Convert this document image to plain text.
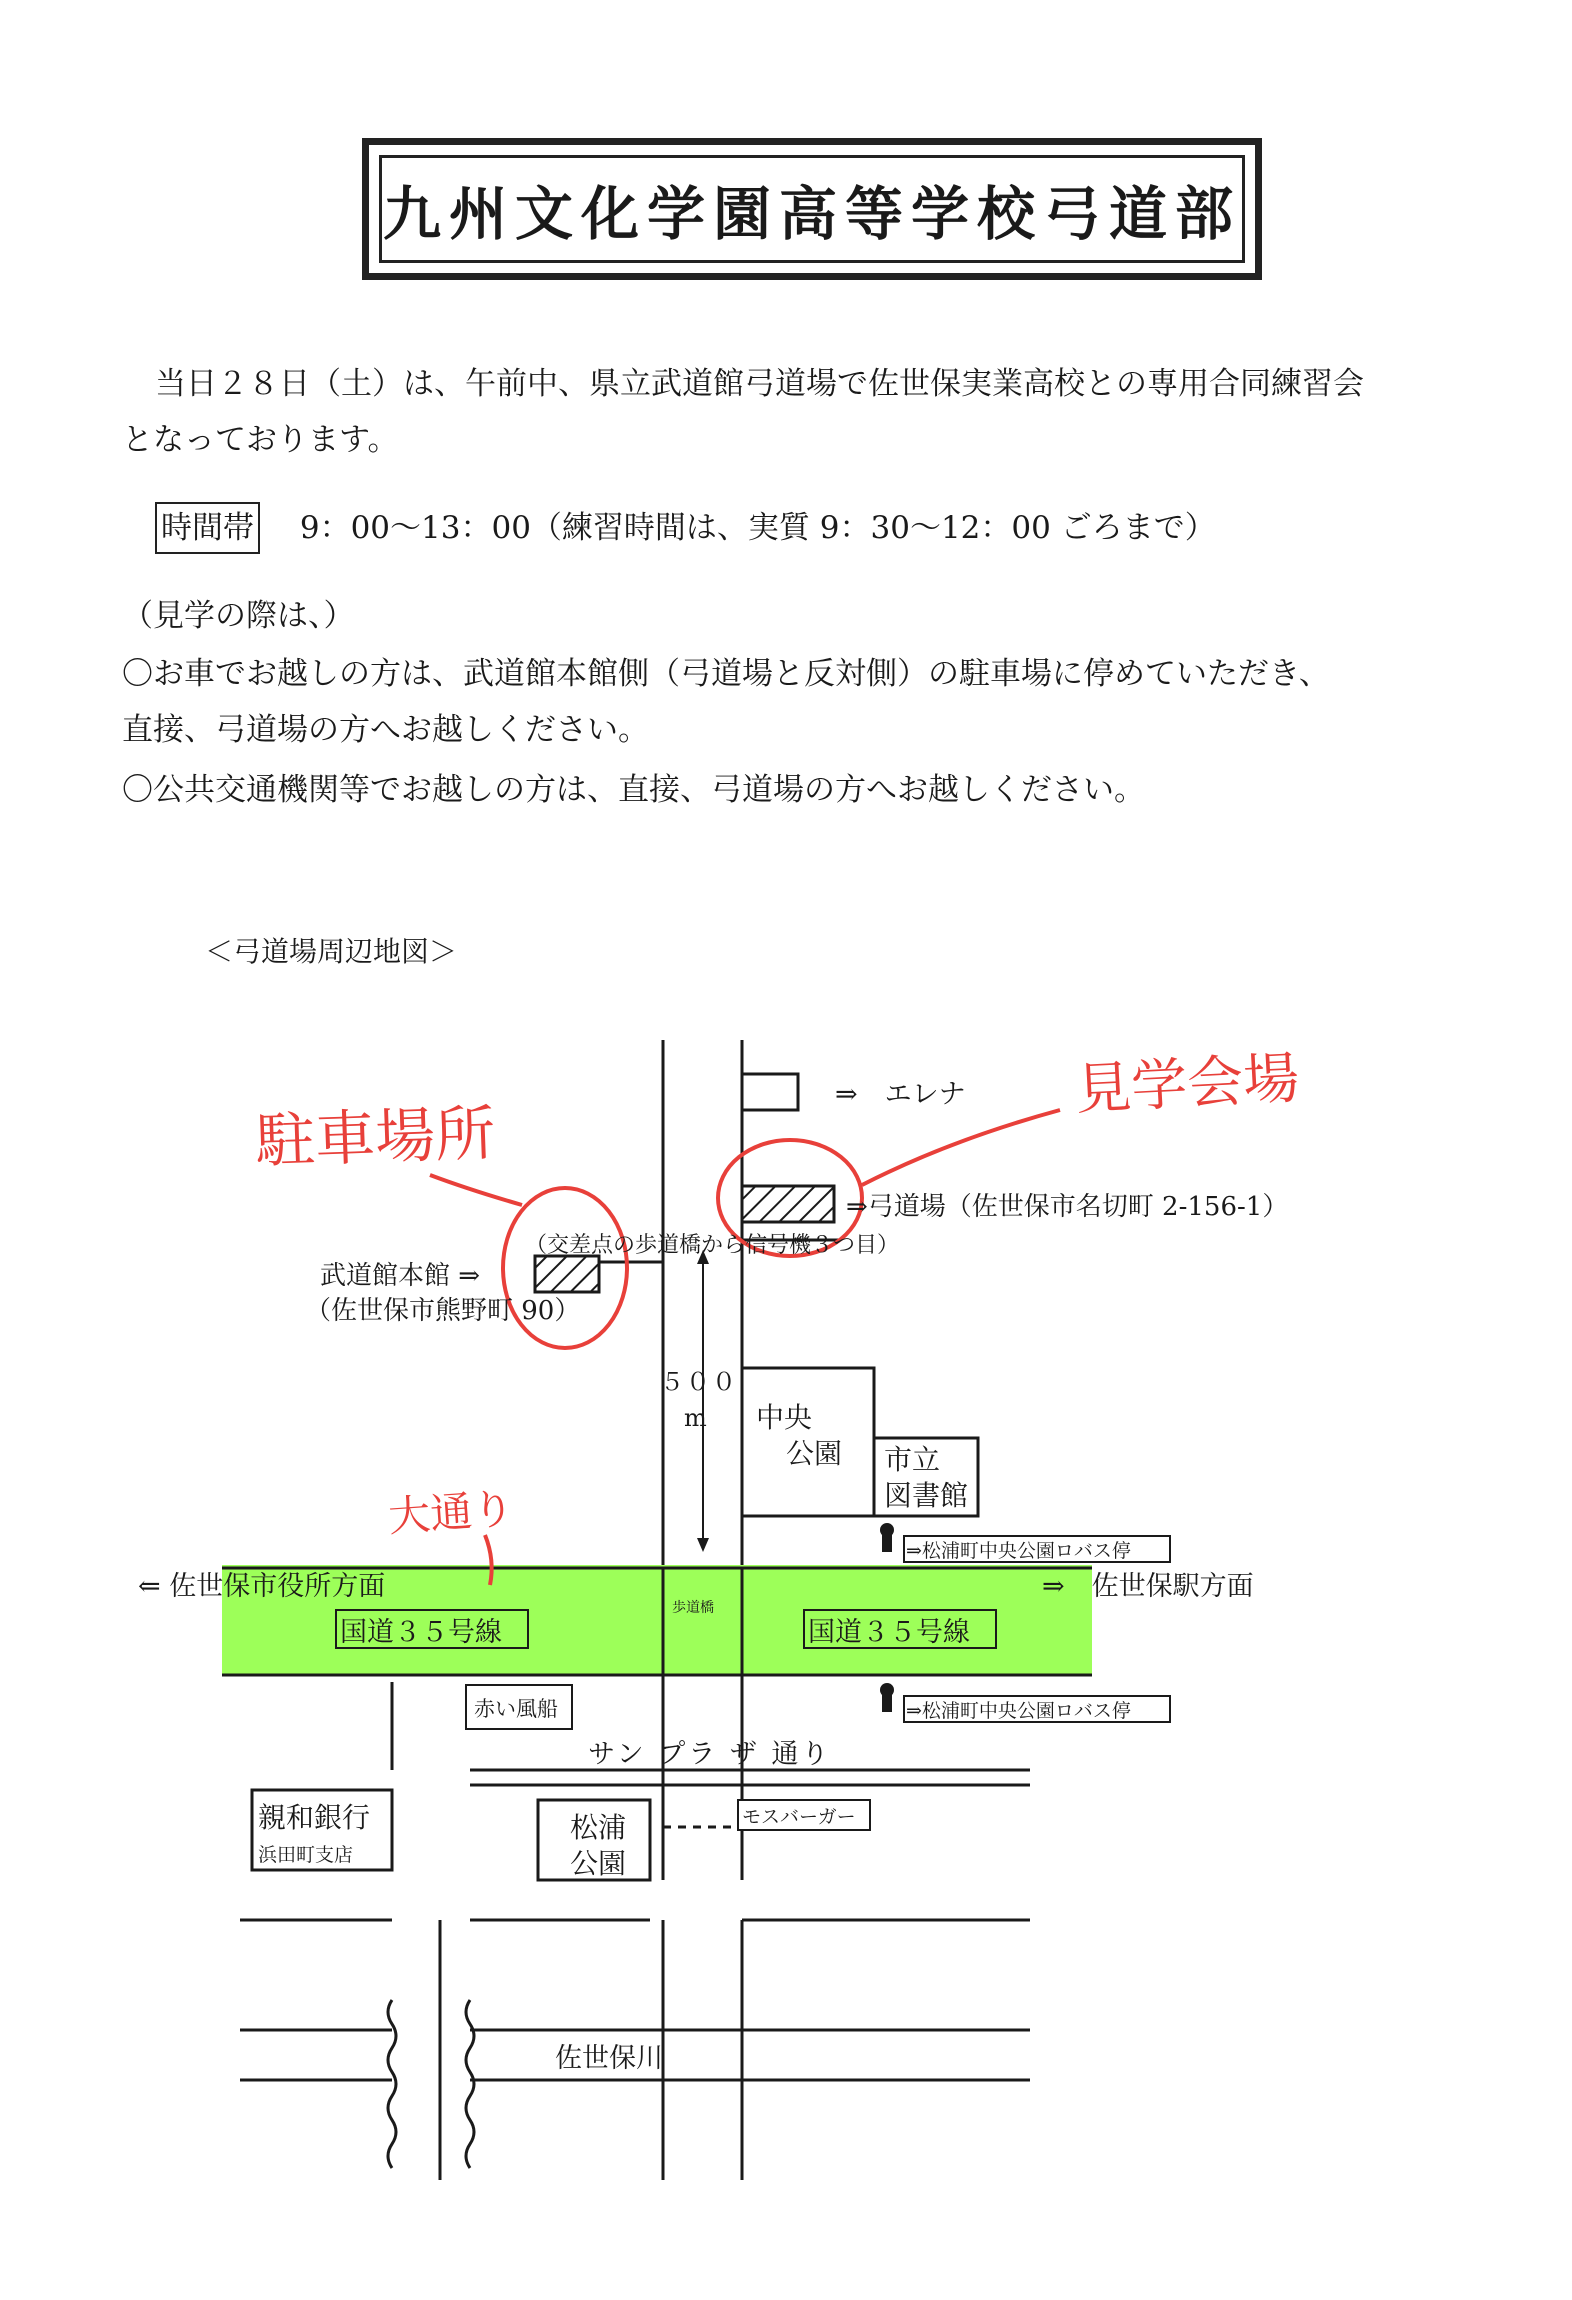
九州文化学園高等学校弓道部
当日２８日（土）は、午前中、県立武道館弓道場で佐世保実業高校との専用合同練習会
となっております。
時間帯 9：00〜13：00（練習時間は、実質 9：30〜12：00 ごろまで）
（見学の際は、）
〇お車でお越しの方は、武道館本館側（弓道場と反対側）の駐車場に停めていただき、
直接、弓道場の方へお越しください。
〇公共交通機関等でお越しの方は、直接、弓道場の方へお越しください。
＜弓道場周辺地図＞
⇒　エレナ
⇒弓道場（佐世保市名切町 2-156-1）
（交差点の歩道橋から信号機３つ目）
武道館本館 ⇒
（佐世保市熊野町 90）
５００
m 中央
公園 市立
図書館
⇒松浦町中央公園ロバス停
⇒松浦町中央公園ロバス停
⇐ 佐世保市役所方面	⇒　佐世保駅方面
国道３５号線	国道３５号線
歩道橋
赤い風船
サン プラ ザ 通り
親和銀行
浜田町支店
松浦
公園
モスバーガー
佐世保川
駐車場所
見学会場
大通り
